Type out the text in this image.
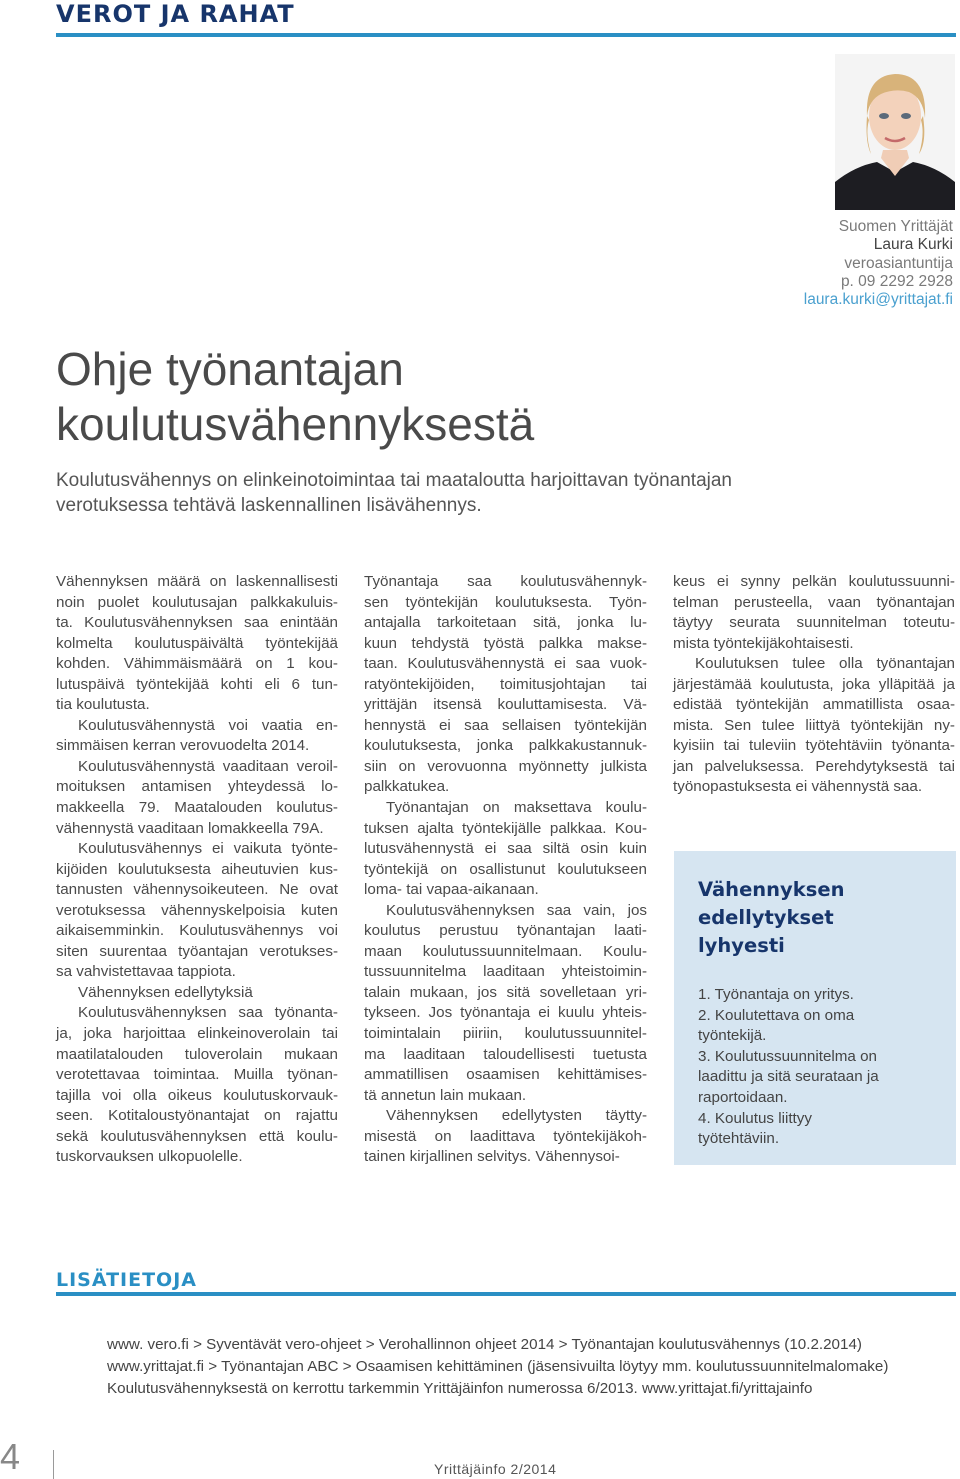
VEROT JA RAHAT
Suomen Yrittäjät
Laura Kurki
veroasiantuntija
p. 09 2292 2928
laura.kurki@yrittajat.fi
Ohje työnantajan
koulutusvähennyksestä
Koulutusvähennys on elinkeinotoimintaa tai maataloutta harjoittavan työnantajan
verotuksessa tehtävä laskennallinen lisävähennys.
Vähennyksen määrä on laskennallisesti
noin puolet koulutusajan palkkakuluis-
ta. Koulutusvähennyksen saa enintään
kolmelta koulutuspäivältä työntekijää
kohden. Vähimmäismäärä on 1 kou-
lutuspäivä työntekijää kohti eli 6 tun-
tia koulutusta.
Koulutusvähennystä voi vaatia en-
simmäisen kerran verovuodelta 2014.
Koulutusvähennystä vaaditaan veroil-
moituksen antamisen yhteydessä lo-
makkeella 79. Maatalouden koulutus-
vähennystä vaaditaan lomakkeella 79A.
Koulutusvähennys ei vaikuta työnte-
kijöiden koulutuksesta aiheutuvien kus-
tannusten vähennysoikeuteen. Ne ovat
verotuksessa vähennyskelpoisia kuten
aikaisemminkin. Koulutusvähennys voi
siten suurentaa työantajan verotukses-
sa vahvistettavaa tappiota.
Vähennyksen edellytyksiä
Koulutusvähennyksen saa työnanta-
ja, joka harjoittaa elinkeinoverolain tai
maatilatalouden tuloverolain mukaan
verotettavaa toimintaa. Muilla työnan-
tajilla voi olla oikeus koulutuskorvauk-
seen. Kotitaloustyönantajat on rajattu
sekä koulutusvähennyksen että koulu-
tuskorvauksen ulkopuolelle.
Työnantaja saa koulutusvähennyk-
sen työntekijän koulutuksesta. Työn-
antajalla tarkoitetaan sitä, jonka lu-
kuun tehdystä työstä palkka makse-
taan. Koulutusvähennystä ei saa vuok-
ratyöntekijöiden, toimitusjohtajan tai
yrittäjän itsensä kouluttamisesta. Vä-
hennystä ei saa sellaisen työntekijän
koulutuksesta, jonka palkkakustannuk-
siin on verovuonna myönnetty julkista
palkkatukea.
Työnantajan on maksettava koulu-
tuksen ajalta työntekijälle palkkaa. Kou-
lutusvähennystä ei saa siltä osin kuin
työntekijä on osallistunut koulutukseen
loma- tai vapaa-aikanaan.
Koulutusvähennyksen saa vain, jos
koulutus perustuu työnantajan laati-
maan koulutussuunnitelmaan. Koulu-
tussuunnitelma laaditaan yhteistoimin-
talain mukaan, jos sitä sovelletaan yri-
tykseen. Jos työnantaja ei kuulu yhteis-
toimintalain piiriin, koulutussuunnitel-
ma laaditaan taloudellisesti tuetusta
ammatillisen osaamisen kehittämises-
tä annetun lain mukaan.
Vähennyksen edellytysten täytty-
misestä on laadittava työntekijäkoh-
tainen kirjallinen selvitys. Vähennysoi-
keus ei synny pelkän koulutussuunni-
telman perusteella, vaan työnantajan
täytyy seurata suunnitelman toteutu-
mista työntekijäkohtaisesti.
Koulutuksen tulee olla työnantajan
järjestämää koulutusta, joka ylläpitää ja
edistää työntekijän ammatillista osaa-
mista. Sen tulee liittyä työntekijän ny-
kyisiin tai tuleviin työtehtäviin työnanta-
jan palveluksessa. Perehdytyksestä tai
työnopastuksesta ei vähennystä saa.
Vähennyksen
edellytykset
lyhyesti
1. Työnantaja on yritys.
2. Koulutettava on oma
työntekijä.
3. Koulutussuunnitelma on
laadittu ja sitä seurataan ja
raportoidaan.
4. Koulutus liittyy
työtehtäviin.
LISÄTIETOJA
www. vero.fi > Syventävät vero-ohjeet > Verohallinnon ohjeet 2014 > Työnantajan koulutusvähennys (10.2.2014)
www.yrittajat.fi > Työnantajan ABC > Osaamisen kehittäminen (jäsensivuilta löytyy mm. koulutussuunnitelmalomake)
Koulutusvähennyksestä on kerrottu tarkemmin Yrittäjäinfon numerossa 6/2013. www.yrittajat.fi/yrittajainfo
4	Yrittäjäinfo 2/2014
